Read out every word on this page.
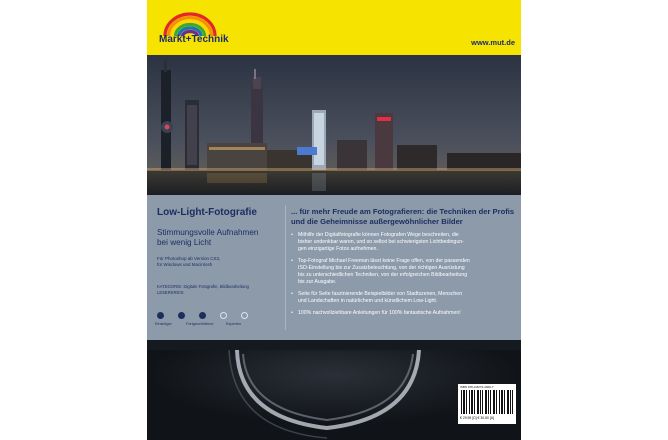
Markt+Technik	www.mut.de
Low-Light-Fotografie
Stimmungsvolle Aufnahmen
bei wenig Licht
Für Photoshop ab Version CS3,
für Windows und Macintosh
KATEGORIE: Digitale Fotografie, Bildbearbeitung
LESERKREIS:
Einsteiger	Fortgeschrittene	Experten
... für mehr Freude am Fotografieren: die Techniken der Profis
und die Geheimnisse außergewöhnlicher Bilder
• Mithilfe der Digitalfotografie können Fotografen Wege beschreiten, die
bisher undenkbar waren, und so selbst bei schwierigsten Lichtbedingun-
gen einzigartige Fotos aufnehmen.
• Top-Fotograf Michael Freeman lässt keine Frage offen, von der passenden
ISO-Einstellung bis zur Zusatzbeleuchtung, von der richtigen Ausrüstung
bis zu unterschiedlichen Techniken, von der erfolgreichen Bildbearbeitung
bis zur Ausgabe.
• Seite für Seite faszinierende Beispielbilder von Stadtszenen, Menschen
und Landschaften in natürlichem und künstlichem Low-Light.
• 100% nachvollziehbare Anleitungen für 100% fantastische Aufnahmen!
ISBN 978-3-8272-4409-7
€ 29,95 [D] € 30,80 [A]
